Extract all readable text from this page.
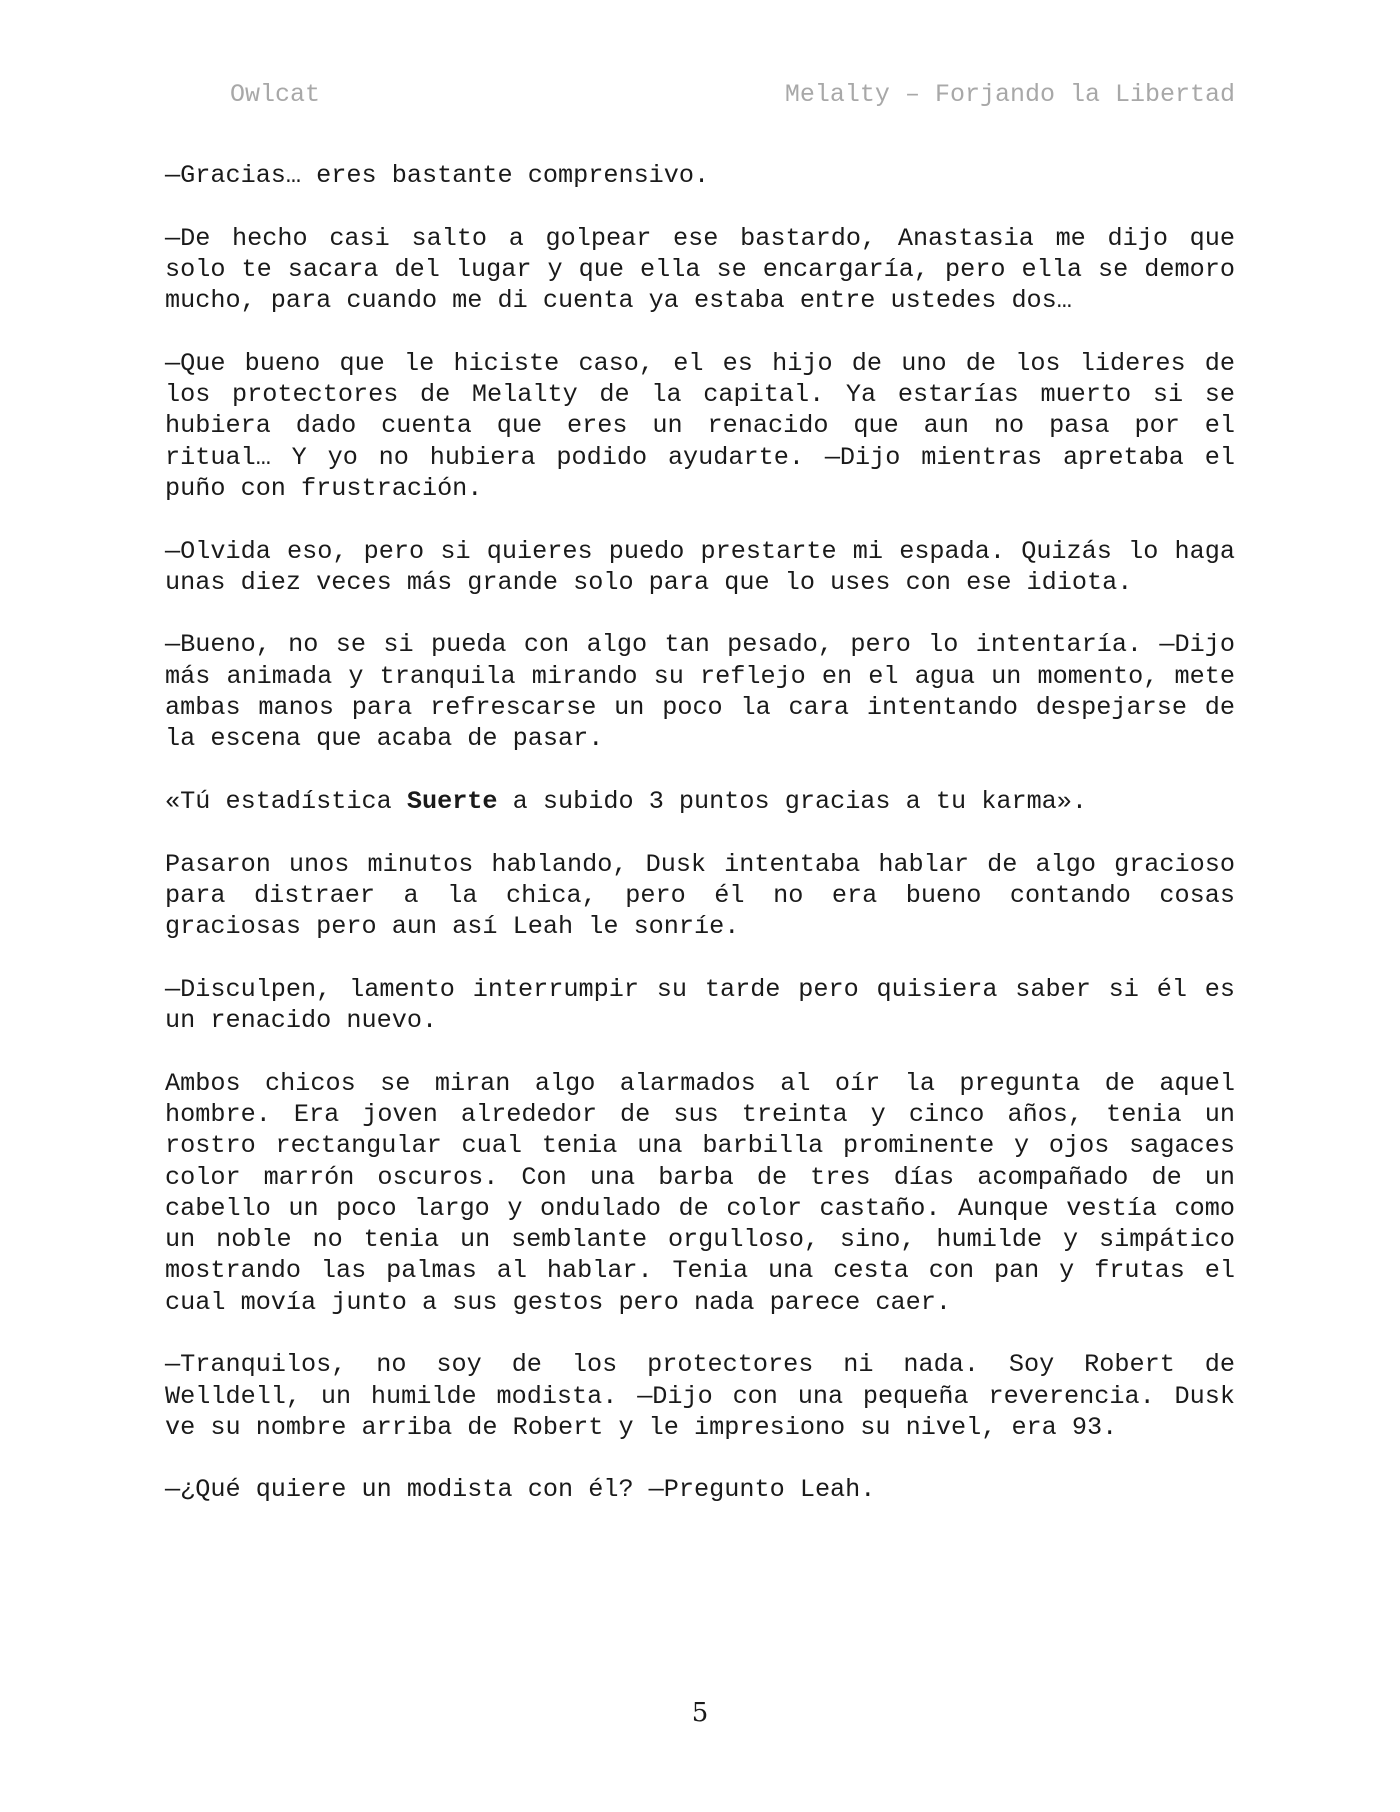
Owlcat	Melalty – Forjando la Libertad

—Gracias… eres bastante comprensivo.

—De hecho casi salto a golpear ese bastardo, Anastasia me dijo que solo te sacara del lugar y que ella se encargaría, pero ella se demoro mucho, para cuando me di cuenta ya estaba entre ustedes dos…

—Que bueno que le hiciste caso, el es hijo de uno de los lideres de los protectores de Melalty de la capital. Ya estarías muerto si se hubiera dado cuenta que eres un renacido que aun no pasa por el ritual… Y yo no hubiera podido ayudarte. —Dijo mientras apretaba el puño con frustración.

—Olvida eso, pero si quieres puedo prestarte mi espada. Quizás lo haga unas diez veces más grande solo para que lo uses con ese idiota.

—Bueno, no se si pueda con algo tan pesado, pero lo intentaría. —Dijo más animada y tranquila mirando su reflejo en el agua un momento, mete ambas manos para refrescarse un poco la cara intentando despejarse de la escena que acaba de pasar.

«Tú estadística Suerte a subido 3 puntos gracias a tu karma».

Pasaron unos minutos hablando, Dusk intentaba hablar de algo gracioso para distraer a la chica, pero él no era bueno contando cosas graciosas pero aun así Leah le sonríe.

—Disculpen, lamento interrumpir su tarde pero quisiera saber si él es un renacido nuevo.

Ambos chicos se miran algo alarmados al oír la pregunta de aquel hombre. Era joven alrededor de sus treinta y cinco años, tenia un rostro rectangular cual tenia una barbilla prominente y ojos sagaces color marrón oscuros. Con una barba de tres días acompañado de un cabello un poco largo y ondulado de color castaño. Aunque vestía como un noble no tenia un semblante orgulloso, sino, humilde y simpático mostrando las palmas al hablar. Tenia una cesta con pan y frutas el cual movía junto a sus gestos pero nada parece caer.

—Tranquilos, no soy de los protectores ni nada. Soy Robert de Welldell, un humilde modista. —Dijo con una pequeña reverencia. Dusk ve su nombre arriba de Robert y le impresiono su nivel, era 93.

—¿Qué quiere un modista con él? —Pregunto Leah.

5
